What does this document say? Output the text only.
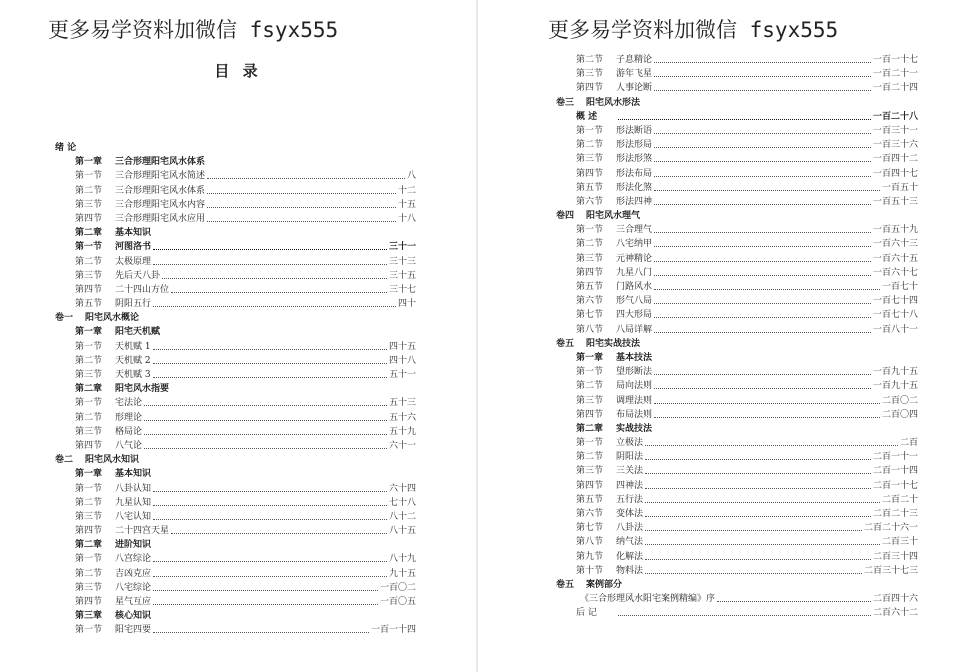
更多易学资料加微信 fsyx555
目 录
绪 论
第一章 三合形理阳宅风水体系
第一节 三合形理阳宅风水简述	八
第二节 三合形理阳宅风水体系	十二
第三节 三合形理阳宅风水内容	十五
第四节 三合形理阳宅风水应用	十八
第二章 基本知识
第一节 河图洛书	三十一
第二节 太极原理	三十三
第三节 先后天八卦	三十五
第四节 二十四山方位	三十七
第五节 阴阳五行	四十
卷一 阳宅风水概论
第一章 阳宅天机赋
第一节 天机赋 1	四十五
第二节 天机赋 2	四十八
第三节 天机赋 3	五十一
第二章 阳宅风水指要
第一节 宅法论	五十三
第二节 形理论	五十六
第三节 格局论	五十九
第四节 八气论	六十一
卷二 阳宅风水知识
第一章 基本知识
第一节 八卦认知	六十四
第二节 九星认知	七十八
第三节 八宅认知	八十二
第四节 二十四宫天星	八十五
第二章 进阶知识
第一节 八宫综论	八十九
第二节 吉凶克应	九十五
第三节 八宅综论	一百〇二
第四节 星气互应	一百〇五
第三章 核心知识
第一节 阳宅四要	一百一十四
更多易学资料加微信 fsyx555
第二节 子息精论	一百一十七
第三节 游年飞星	一百二十一
第四节 人事论断	一百二十四
卷三 阳宅风水形法
概 述	一百二十八
第一节 形法断语	一百三十一
第二节 形法形局	一百三十六
第三节 形法形煞	一百四十二
第四节 形法布局	一百四十七
第五节 形法化煞	一百五十
第六节 形法四神	一百五十三
卷四 阳宅风水理气
第一节 三合理气	一百五十九
第二节 八宅纳甲	一百六十三
第三节 元神精论	一百六十五
第四节 九星八门	一百六十七
第五节 门路风水	一百七十
第六节 形气八局	一百七十四
第七节 四大形局	一百七十八
第八节 八局详解	一百八十一
卷五 阳宅实战技法
第一章 基本技法
第一节 望形断法	一百九十五
第二节 局向法则	一百九十五
第三节 调理法则	二百〇二
第四节 布局法则	二百〇四
第二章 实战技法
第一节 立极法	二百
第二节 阴阳法	二百一十一
第三节 三关法	二百一十四
第四节 四神法	二百一十七
第五节 五行法	二百二十
第六节 变体法	二百二十三
第七节 八卦法	二百二十六一
第八节 纳气法	二百三十
第九节 化解法	二百三十四
第十节 物料法	二百三十七三
卷五 案例部分
《三合形理风水阳宅案例精编》序	二百四十六
后 记	二百六十二
